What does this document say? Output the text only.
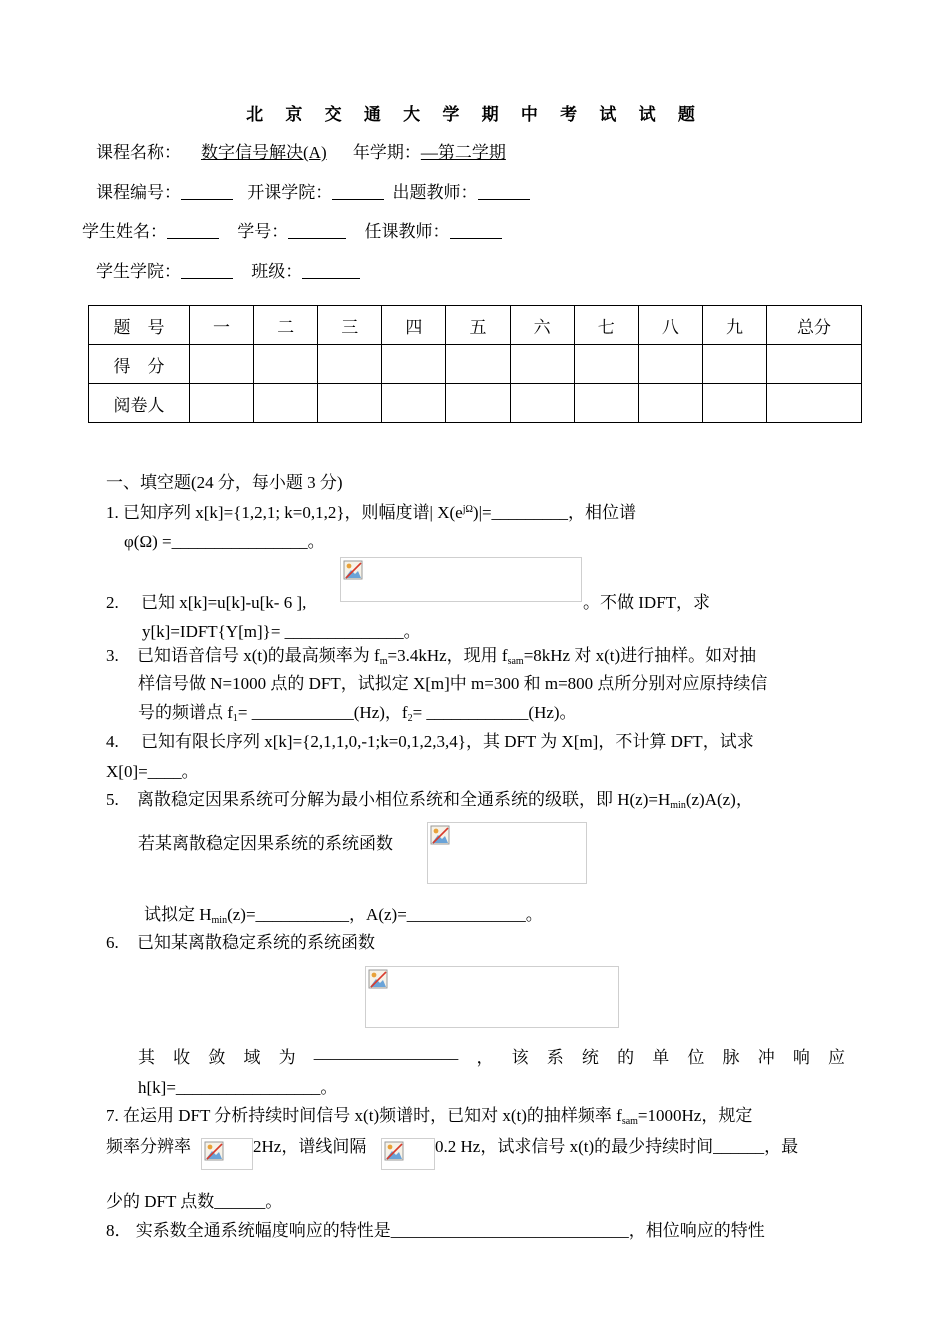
北 京 交 通 大 学 期 中 考 试 试 题
课程名称： 数字信号解决(A) 年学期：—第二学期
课程编号：	开课学院：	出题教师：
学生姓名：	学号：	任课教师：
学生学院：	班级：
题　号	一	二	三	四	五	六	七	八	九	总分
得　分										
阅卷人										
一、填空题(24 分，每小题 3 分)
1. 已知序列 x[k]={1,2,1; k=0,1,2}，则幅度谱| $X(e^{j\Omega})|=\_\_\_\_\_\_\_\_\_$，相位谱
φ(Ω) =________________。
2. 已知 x[k]=u[k]-u[k- 6 ],	。不做 IDFT，求
y[k]=IDFT{Y[m]}= ______________。
3. 已知语音信号 x(t)的最高频率为 $f_m=3.4kHz$，现用 $f_{sam}=8kHz$ 对 x(t)进行抽样。如对抽
样信号做 N=1000 点的 DFT，试拟定 X[m]中 m=300 和 m=800 点所分别对应原持续信
号的频谱点 $f_1=$ ____________(Hz)，$f_2=$ ____________(Hz)。
4. 已知有限长序列 x[k]={2,1,1,0,-1;k=0,1,2,3,4}，其 DFT 为 X[m]，不计算 DFT，试求
X[0]=____。
5. 离散稳定因果系统可分解为最小相位系统和全通系统的级联，即 $H(z)=H_{min}(z)A(z)$，
若某离散稳定因果系统的系统函数
试拟定 $H_{min}(z)=\_\_\_\_\_\_\_\_\_\_\_$，A(z)=______________。
6. 已知某离散稳定系统的系统函数
其 收 敛 域 为 _________________ ， 该 系 统 的 单 位 脉 冲 响 应
h[k]=_________________。
7. 在运用 DFT 分析持续时间信号 x(t)频谱时，已知对 x(t)的抽样频率 $f_{sam}=1000Hz$，规定
频率分辨率	2Hz，谱线间隔	0.2 Hz，试求信号 x(t)的最少持续时间______，最
少的 DFT 点数______。
8． 实系数全通系统幅度响应的特性是____________________________，相位响应的特性
